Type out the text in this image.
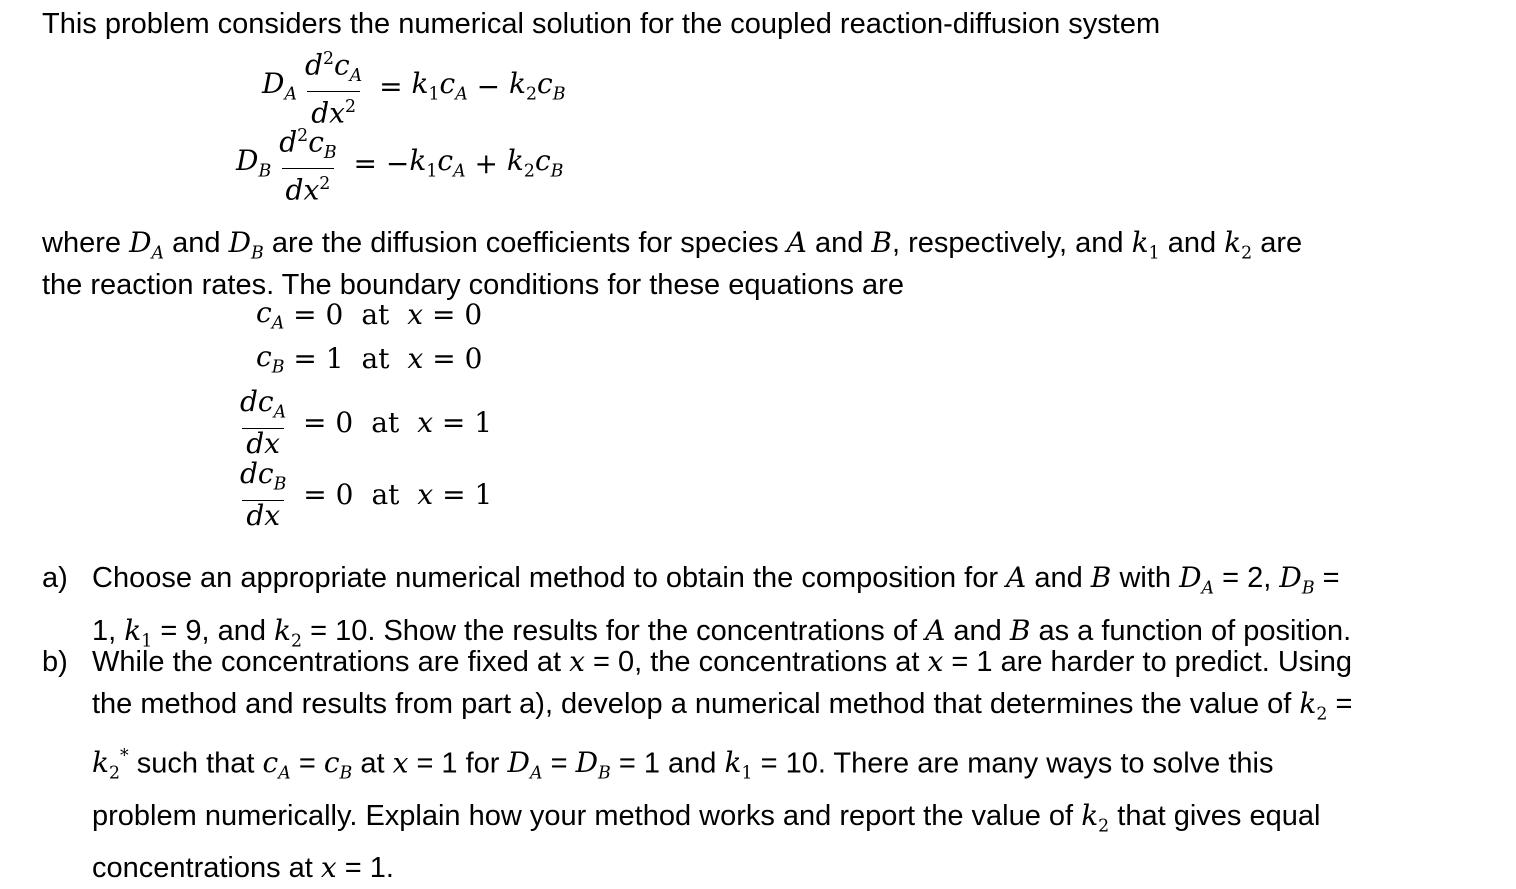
This problem considers the numerical solution for the coupled reaction-diffusion system
$D_A \frac{d^2c_A}{dx^2} = k_1c_A - k_2c_B$
$D_B \frac{d^2c_B}{dx^2}$ = − $k_1c_A + k_2c_B$
where $D_A$ and $D_B$ are the diffusion coefficients for species A and B, respectively, and $k_1$ and $k_2$ are
the reaction rates. The boundary conditions for these equations are
$c_A = 0$ at x = 0
$c_B = 1$ at x = 0
$\frac{dc_A}{dx} = 0$ at x = 1
$\frac{dc_B}{dx} = 0$ at x = 1
a) Choose an appropriate numerical method to obtain the composition for A and B with $D_A = 2$, $D_B$ =
1, $k_1 = 9$, and $k_2 = 10$. Show the results for the concentrations of A and B as a function of position.
b) While the concentrations are fixed at x = 0, the concentrations at x = 1 are harder to predict. Using
the method and results from part a), develop a numerical method that determines the value of $k_2$ =
$k_2^*$ such that $c_A = c_B$ at x = 1 for $D_A = D_B = 1$ and $k_1 = 10$. There are many ways to solve this
problem numerically. Explain how your method works and report the value of $k_2$ that gives equal
concentrations at x = 1.
